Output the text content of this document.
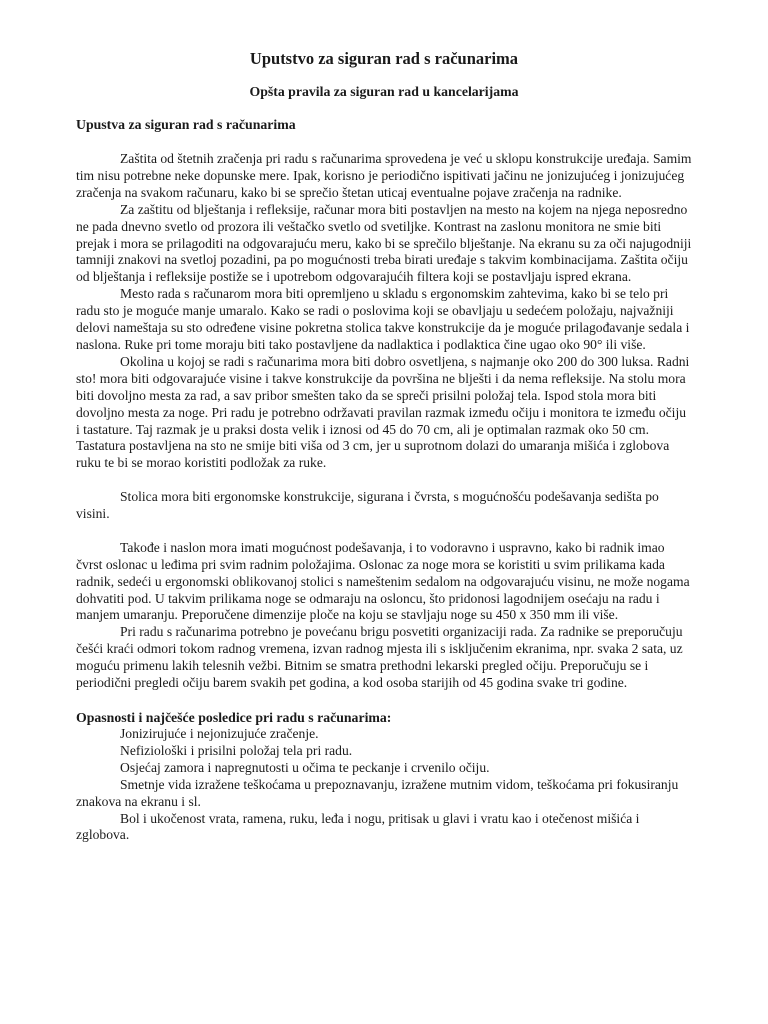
Uputstvo za siguran rad s računarima
Opšta pravila za siguran rad u kancelarijama
Upustva za siguran rad s računarima

Zaštita od štetnih zračenja pri radu s računarima sprovedena je već u sklopu konstrukcije uređaja. Samim tim nisu potrebne neke dopunske mere. Ipak, korisno je periodično ispitivati jačinu ne jonizujućeg i jonizujućeg zračenja na svakom računaru, kako bi se sprečio štetan uticaj eventualne pojave zračenja na radnike.

Za zaštitu od blještanja i refleksije, računar mora biti postavljen na mesto na kojem na njega neposredno ne pada dnevno svetlo od prozora ili veštačko svetlo od svetiljke. Kontrast na zaslonu monitora ne smie biti prejak i mora se prilagoditi na odgovarajuću meru, kako bi se sprečilo blještanje. Na ekranu su za oči najugodniji tamniji znakovi na svetloj pozadini, pa po mogućnosti treba birati uređaje s takvim kombinacijama. Zaštita očiju od blještanja i refleksije postiže se i upotrebom odgovarajućih filtera koji se postavljaju ispred ekrana.

Mesto rada s računarom mora biti opremljeno u skladu s ergonomskim zahtevima, kako bi se telo pri radu sto je moguće manje umaralo. Kako se radi o poslovima koji se obavljaju u sedećem položaju, najvažniji delovi nameštaja su sto određene visine pokretna stolica takve konstrukcije da je moguće prilagođavanje sedala i naslona. Ruke pri tome moraju biti tako postavljene da nadlaktica i podlaktica čine ugao oko 90° ili više.

Okolina u kojoj se radi s računarima mora biti dobro osvetljena, s najmanje oko 200 do 300 luksa. Radni sto! mora biti odgovarajuće visine i takve konstrukcije da površina ne blješti i da nema refleksije. Na stolu mora biti dovoljno mesta za rad, a sav pribor smešten tako da se spreči prisilni položaj tela. Ispod stola mora biti dovoljno mesta za noge. Pri radu je potrebno održavati pravilan razmak između očiju i monitora te između očiju i tastature. Taj razmak je u praksi dosta velik i iznosi od 45 do 70 cm, ali je optimalan razmak oko 50 cm. Tastatura postavljena na sto ne smije biti viša od 3 cm, jer u suprotnom dolazi do umaranja mišića i zglobova ruku te bi se morao koristiti podložak za ruke.

Stolica mora biti ergonomske konstrukcije, sigurana i čvrsta, s mogućnošću podešavanja sedišta po visini.

Takođe i naslon mora imati mogućnost podešavanja, i to vodoravno i uspravno, kako bi radnik imao čvrst oslonac u leđima pri svim radnim položajima. Oslonac za noge mora se koristiti u svim prilikama kada radnik, sedeći u ergonomski oblikovanoj stolici s nameštenim sedalom na odgovarajuću visinu, ne može nogama dohvatiti pod. U takvim prilikama noge se odmaraju na osloncu, što pridonosi lagodnijem osećaju na radu i manjem umaranju. Preporučene dimenzije ploče na koju se stavljaju noge su 450 x 350 mm ili više.

Pri radu s računarima potrebno je povećanu brigu posvetiti organizaciji rada. Za radnike se preporučuju češći kraći odmori tokom radnog vremena, izvan radnog mjesta ili s isključenim ekranima, npr. svaka 2 sata, uz moguću primenu lakih telesnih vežbi. Bitnim se smatra prethodni lekarski pregled očiju. Preporučuju se i periodični pregledi očiju barem svakih pet godina, a kod osoba starijih od 45 godina svake tri godine.

Opasnosti i najčešće posledice pri radu s računarima:
Jonizirujuće i nejonizujuće zračenje.
Nefiziološki i prisilni položaj tela pri radu.
Osjećaj zamora i napregnutosti u očima te peckanje i crvenilo očiju.
Smetnje vida izražene teškoćama u prepoznavanju, izražene mutnim vidom, teškoćama pri fokusiranju znakova na ekranu i sl.
Bol i ukočenost vrata, ramena, ruku, leđa i nogu, pritisak u glavi i vratu kao i otečenost mišića i zglobova.
